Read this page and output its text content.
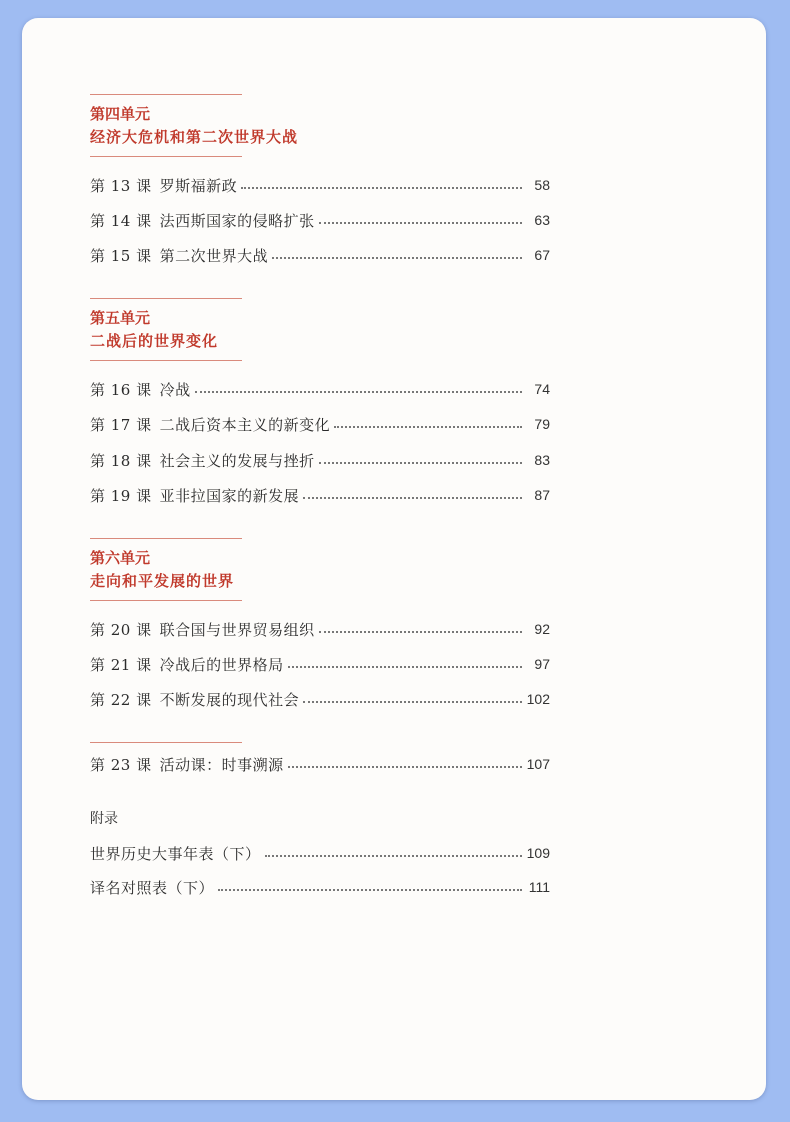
第四单元
经济大危机和第二次世界大战
第 13 课 罗斯福新政	58
第 14 课 法西斯国家的侵略扩张	63
第 15 课 第二次世界大战	67
第五单元
二战后的世界变化
第 16 课 冷战	74
第 17 课 二战后资本主义的新变化	79
第 18 课 社会主义的发展与挫折	83
第 19 课 亚非拉国家的新发展	87
第六单元
走向和平发展的世界
第 20 课 联合国与世界贸易组织	92
第 21 课 冷战后的世界格局	97
第 22 课 不断发展的现代社会	102
第 23 课 活动课：时事溯源	107
附录
世界历史大事年表（下）	109
译名对照表（下）	111
